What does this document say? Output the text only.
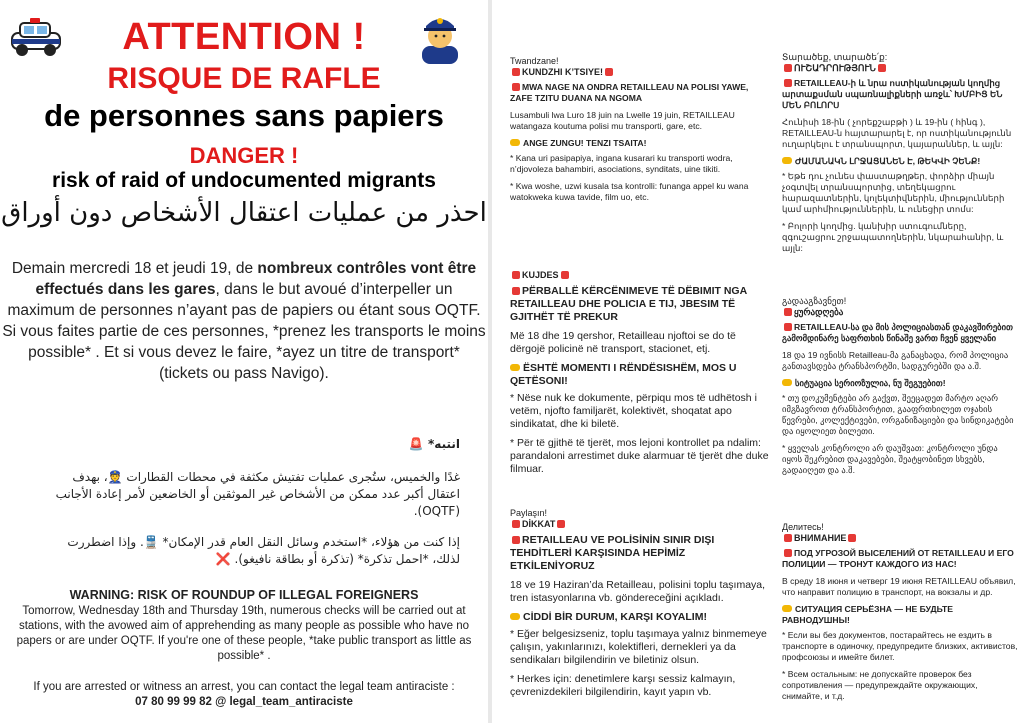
ATTENTION !
RISQUE DE RAFLE
de personnes sans papiers
DANGER !
risk of raid of undocumented migrants
احذر من عمليات اعتقال الأشخاص دون أوراق
Demain mercredi 18 et jeudi 19, de nombreux contrôles vont être effectués dans les gares, dans le but avoué d’interpeller un maximum de personnes n’ayant pas de papiers ou étant sous OQTF.
Si vous faites partie de ces personnes, *prenez les transports le moins possible* . Et si vous devez le faire, *ayez un titre de transport* (tickets ou pass Navigo).
انتبه* 🚨
غدًا والخميس، ستُجرى عمليات تفتيش مكثفة في محطات القطارات 👮، بهدف اعتقال أكبر عدد ممكن من الأشخاص غير الموثقين أو الخاضعين لأمر إعادة الأجانب (OQTF).
إذا كنت من هؤلاء، *استخدم وسائل النقل العام قدر الإمكان* 🚆. وإذا اضطررت لذلك، *احمل تذكرة* (تذكرة أو بطاقة نافيغو). ❌
WARNING: RISK OF ROUNDUP OF ILLEGAL FOREIGNERS
Tomorrow, Wednesday 18th and Thursday 19th, numerous checks will be carried out at stations, with the avowed aim of apprehending as many people as possible who have no papers or are under OQTF. If you're one of these people, *take public transport as little as possible* .
If you are arrested or witness an arrest, you can contact the legal team antiraciste :
07 80 99 99 82 @ legal_team_antiraciste
Twandzane!
KUNDZHI K’TSIYE!
MWA NAGE NA ONDRA RETAILLEAU NA POLISI YAWE, ZAFE TZITU DUANA NA NGOMA

Lusambuli lwa Luro 18 juin na Lwelle 19 juin, RETAILLEAU watangaza koutuma polisi mu transporti, gare, etc.

ANGE ZUNGU! TENZI TSAITA!

* Kana uri pasipapiya, ingana kusarari ku transporti wodra, n’djovoleza bahambiri, asociations, synditats, uine tikiti.

* Kwa woshe, uzwi kusala tsa kontrolli: funanga appel ku wana watokweka kuwa tavide, film uo, etc.

KUJDES
PËRBALLË KËRCËNIMEVE TË DËBIMIT NGA RETAILLEAU DHE POLICIA E TIJ, JBESIM TË GJITHËT TË PREKUR

Më 18 dhe 19 qershor, Retailleau njoftoi se do të dërgojë policinë në transport, stacionet, etj.

ËSHTË MOMENTI I RËNDËSISHËM, MOS U QETËSONI!

* Nëse nuk ke dokumente, përpiqu mos të udhëtosh i vetëm, njofto familjarët, kolektivët, shoqatat apo sindikatat, dhe ki biletë.

* Për të gjithë të tjerët, mos lejoni kontrollet pa ndalim: parandaloni arrestimet duke alarmuar të tjerët dhe duke filmuar.

Paylaşın!
DİKKAT
RETAILLEAU VE POLİSİNİN SINIR DIŞI TEHDİTLERİ KARŞISINDA HEPİMİZ ETKİLENİYORUZ

18 ve 19 Haziran’da Retailleau, polisini toplu taşımaya, tren istasyonlarına vb. göndereceğini açıkladı.

CİDDİ BİR DURUM, KARŞI KOYALIM!

* Eğer belgesizseniz, toplu taşımaya yalnız binmemeye çalışın, yakınlarınızı, kolektifleri, dernekleri ya da sendikaları bilgilendirin ve biletiniz olsun.

* Herkes için: denetimlere karşı sessiz kalmayın, çevrenizdekileri bilgilendirin, kayıt yapın vb.

Տարածեք, տարածե՛ք:
ՈՒՇԱԴՐՈՒԹՅՈՒՆ
RETAILLEAU-ի և նրա ոստիկանության կողմից արտաքսման սպառնալիքների առջև՝ ԽՄԲԻՑ ԵՆ ՄԵՆ ԲՈԼՈՐՍ

Հունիսի 18-ին ( չորեքշաբթի ) և 19-ին ( հինգ ), RETAILLEAU-ն հայտարարել է, որ ոստիկանությունն ուղարկելու է տրանսպորտ, կայարաններ, և այլն:

ԺԱՄԱՆԱԿՆ ԼՐՋԱՑԱՆԵՆ Է, ԹԵԿՎԻ ՉԵՆՔ!

* Եթե դու չունես փաստաթղթեր, փորձիր միայն չօգտվել տրանսպորտից, տեղեկացրու հարազատներին, կոլեկտիվներին, միությունների կամ արհմիություններին, և ունեցիր տոմս:

* Բոլորի կողմից. կանխիր ստուգումները, զգուշացրու շրջապատողներին, նկարահանիր, և այլն:

გადააგზავნეთ!
ყურადღება
RETAILLEAU-სა და მის პოლიციასთან დაკავშირებით გამომდინარე საფრთხის წინაშე ვართ ჩვენ ყველანი

18 და 19 ივნისს Retailleau-მა განაცხადა, რომ პოლიცია განთავსდება ტრანსპორტში, სადგურებში და ა.შ.

სიტუაცია სერიოზულია, ნუ შეგუებით!

* თუ დოკუმენტები არ გაქვთ, შეეცადეთ მარტო აღარ იმგზავროთ ტრანსპორტით, გააფრთხილეთ ოჯახის წევრები, კოლექტივები, ორგანიზაციები და სინდიკატები და იყოლიეთ ბილეთი.

* ყველას კონტროლი არ დაუშვათ: კონტროლი უნდა იყოს შეკრებით დაკავებები, შეატყობინეთ სხვებს, გადაიღეთ და ა.შ.

Делитесь!
ВНИМАНИЕ
ПОД УГРОЗОЙ ВЫСЕЛЕНИЙ ОТ RETAILLEAU И ЕГО ПОЛИЦИИ — ТРОНУТ КАЖДОГО ИЗ НАС!

В среду 18 июня и четверг 19 июня RETAILLEAU объявил, что направит полицию в транспорт, на вокзалы и др.

СИТУАЦИЯ СЕРЬЁЗНА — НЕ БУДЬТЕ РАВНОДУШНЫ!

* Если вы без документов, постарайтесь не ездить в транспорте в одиночку, предупредите близких, активистов, профсоюзы и имейте билет.

* Всем остальным: не допускайте проверок без сопротивления — предупреждайте окружающих, снимайте, и т.д.
